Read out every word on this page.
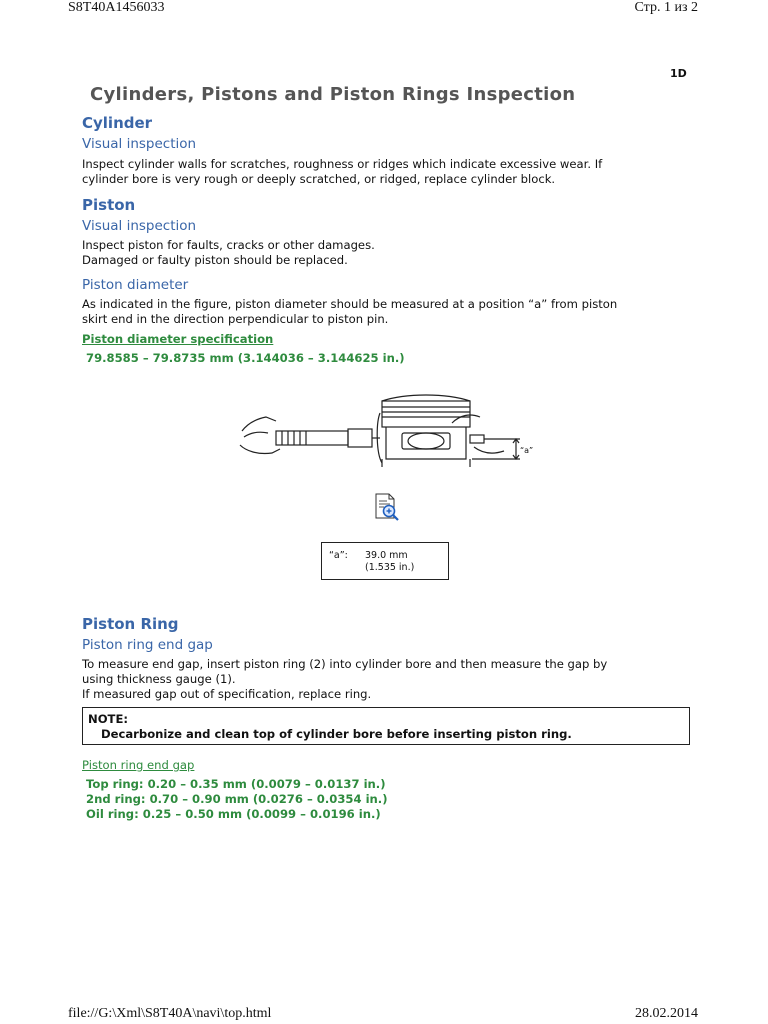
S8T40A1456033	Стр. 1 из 2
1D
Cylinders, Pistons and Piston Rings Inspection
Cylinder
Visual inspection
Inspect cylinder walls for scratches, roughness or ridges which indicate excessive wear. If
cylinder bore is very rough or deeply scratched, or ridged, replace cylinder block.
Piston
Visual inspection
Inspect piston for faults, cracks or other damages.
Damaged or faulty piston should be replaced.
Piston diameter
As indicated in the figure, piston diameter should be measured at a position “a” from piston
skirt end in the direction perpendicular to piston pin.
Piston diameter specification
79.8585 – 79.8735 mm (3.144036 – 3.144625 in.)
“a”
“a”: 39.0 mm
(1.535 in.)
Piston Ring
Piston ring end gap
To measure end gap, insert piston ring (2) into cylinder bore and then measure the gap by
using thickness gauge (1).
If measured gap out of specification, replace ring.
NOTE:
Decarbonize and clean top of cylinder bore before inserting piston ring.
Piston ring end gap
Top ring: 0.20 – 0.35 mm (0.0079 – 0.0137 in.)
2nd ring: 0.70 – 0.90 mm (0.0276 – 0.0354 in.)
Oil ring: 0.25 – 0.50 mm (0.0099 – 0.0196 in.)
file://G:\Xml\S8T40A\navi\top.html	28.02.2014
